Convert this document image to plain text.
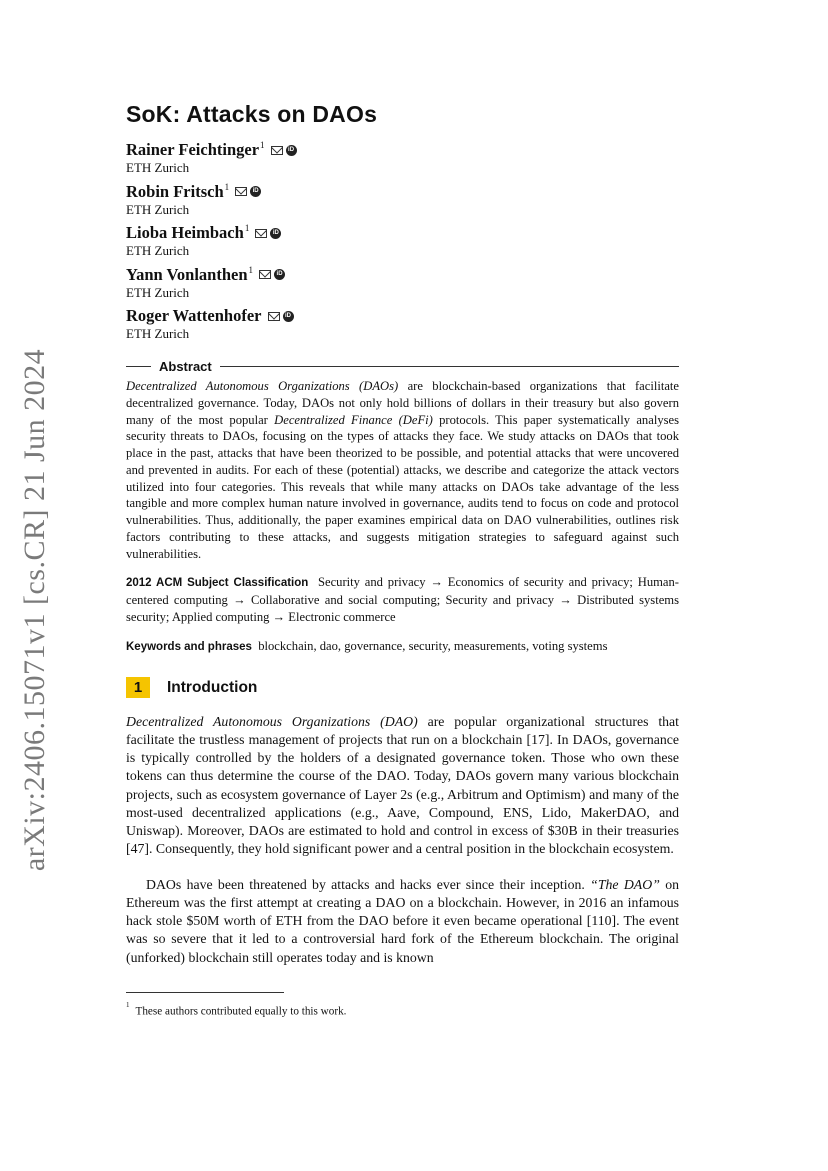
arXiv:2406.15071v1 [cs.CR] 21 Jun 2024
SoK: Attacks on DAOs
Rainer Feichtinger$^1$	iD
ETH Zurich
Robin Fritsch$^1$	iD
ETH Zurich
Lioba Heimbach$^1$	iD
ETH Zurich
Yann Vonlanthen$^1$	iD
ETH Zurich
Roger Wattenhofer	iD
ETH Zurich
Abstract

Decentralized Autonomous Organizations (DAOs) are blockchain-based organizations that facilitate decentralized governance. Today, DAOs not only hold billions of dollars in their treasury but also govern many of the most popular Decentralized Finance (DeFi) protocols. This paper systematically analyses security threats to DAOs, focusing on the types of attacks they face. We study attacks on DAOs that took place in the past, attacks that have been theorized to be possible, and potential attacks that were uncovered and prevented in audits. For each of these (potential) attacks, we describe and categorize the attack vectors utilized into four categories. This reveals that while many attacks on DAOs take advantage of the less tangible and more complex human nature involved in governance, audits tend to focus on code and protocol vulnerabilities. Thus, additionally, the paper examines empirical data on DAO vulnerabilities, outlines risk factors contributing to these attacks, and suggests mitigation strategies to safeguard against such vulnerabilities.

2012 ACM Subject Classification Security and privacy → Economics of security and privacy; Human-centered computing → Collaborative and social computing; Security and privacy → Distributed systems security; Applied computing → Electronic commerce

Keywords and phrases blockchain, dao, governance, security, measurements, voting systems

1	Introduction

Decentralized Autonomous Organizations (DAO) are popular organizational structures that facilitate the trustless management of projects that run on a blockchain [17]. In DAOs, governance is typically controlled by the holders of a designated governance token. Those who own these tokens can thus determine the course of the DAO. Today, DAOs govern many various blockchain projects, such as ecosystem governance of Layer 2s (e.g., Arbitrum and Optimism) and many of the most-used decentralized applications (e.g., Aave, Compound, ENS, Lido, MakerDAO, and Uniswap). Moreover, DAOs are estimated to hold and control in excess of $30B in their treasuries [47]. Consequently, they hold significant power and a central position in the blockchain ecosystem.

DAOs have been threatened by attacks and hacks ever since their inception. “The DAO” on Ethereum was the first attempt at creating a DAO on a blockchain. However, in 2016 an infamous hack stole $50M worth of ETH from the DAO before it even became operational [110]. The event was so severe that it led to a controversial hard fork of the Ethereum blockchain. The original (unforked) blockchain still operates today and is known

$^1$These authors contributed equally to this work.
